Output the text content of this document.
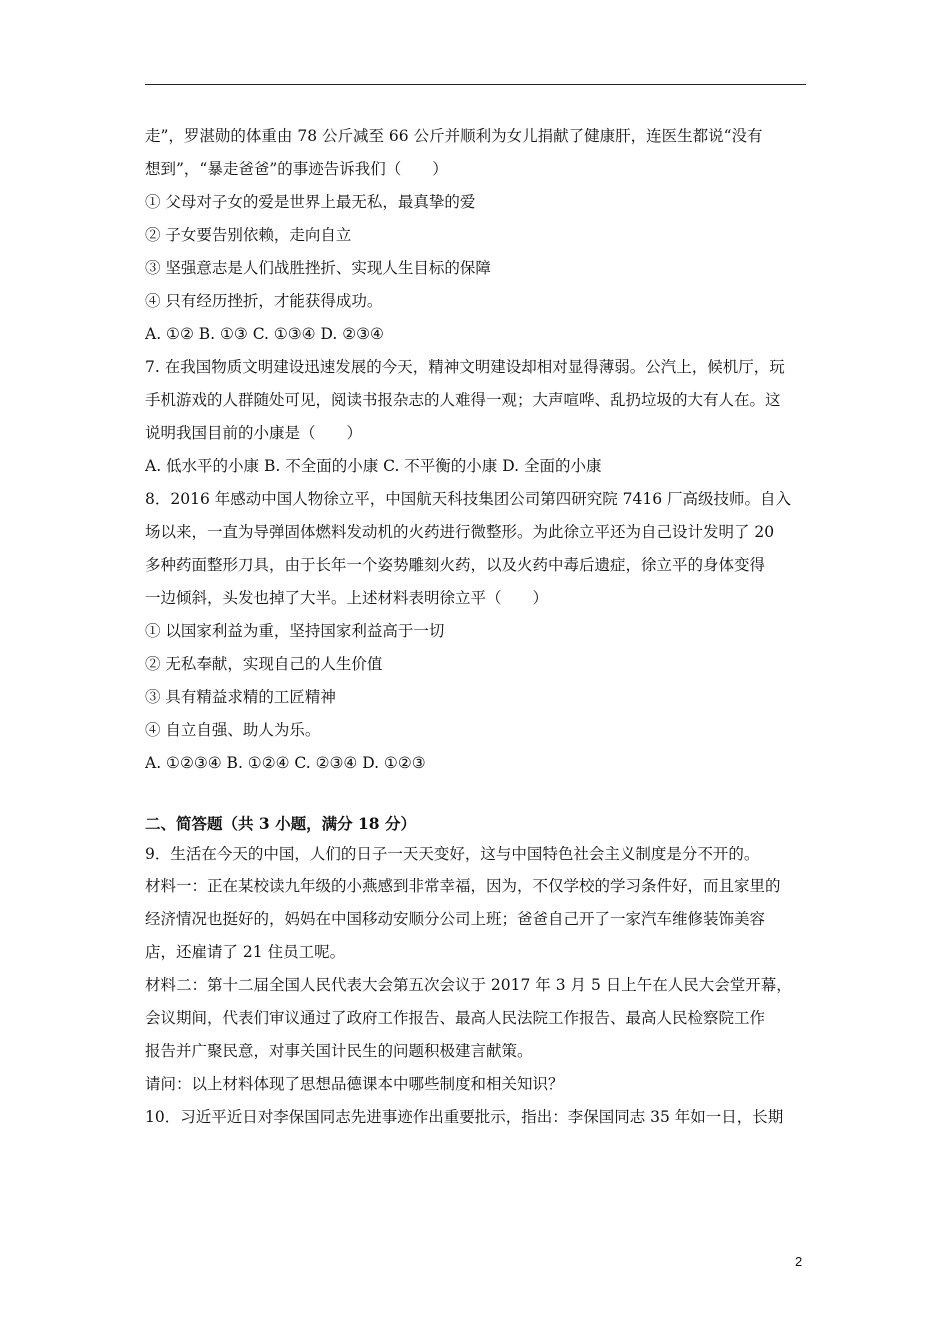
走”，罗湛勋的体重由 78 公斤减至 66 公斤并顺利为女儿捐献了健康肝，连医生都说“没有
想到”，“暴走爸爸”的事迹告诉我们（　　）
① 父母对子女的爱是世界上最无私，最真挚的爱
② 子女要告别依赖，走向自立
③ 坚强意志是人们战胜挫折、实现人生目标的保障
④ 只有经历挫折，才能获得成功。
A. ①② B. ①③ C. ①③④ D. ②③④
7. 在我国物质文明建设迅速发展的今天，精神文明建设却相对显得薄弱。公汽上，候机厅，玩
手机游戏的人群随处可见，阅读书报杂志的人难得一观；大声喧哗、乱扔垃圾的大有人在。这
说明我国目前的小康是（　　）
A. 低水平的小康 B. 不全面的小康 C. 不平衡的小康 D. 全面的小康
8．2016 年感动中国人物徐立平，中国航天科技集团公司第四研究院 7416 厂高级技师。自入
场以来，一直为导弹固体燃料发动机的火药进行微整形。为此徐立平还为自己设计发明了 20
多种药面整形刀具，由于长年一个姿势雕刻火药，以及火药中毒后遗症，徐立平的身体变得
一边倾斜，头发也掉了大半。上述材料表明徐立平（　　）
① 以国家利益为重，坚持国家利益高于一切
② 无私奉献，实现自己的人生价值
③ 具有精益求精的工匠精神
④ 自立自强、助人为乐。
A. ①②③④ B. ①②④ C. ②③④ D. ①②③
二、简答题（共 3 小题，满分 18 分）
9．生活在今天的中国，人们的日子一天天变好，这与中国特色社会主义制度是分不开的。
材料一：正在某校读九年级的小燕感到非常幸福，因为，不仅学校的学习条件好，而且家里的
经济情况也挺好的，妈妈在中国移动安顺分公司上班；爸爸自己开了一家汽车维修装饰美容
店，还雇请了 21 住员工呢。
材料二：第十二届全国人民代表大会第五次会议于 2017 年 3 月 5 日上午在人民大会堂开幕，
会议期间，代表们审议通过了政府工作报告、最高人民法院工作报告、最高人民检察院工作
报告并广聚民意，对事关国计民生的问题积极建言献策。
请问：以上材料体现了思想品德课本中哪些制度和相关知识？
10．习近平近日对李保国同志先进事迹作出重要批示，指出：李保国同志 35 年如一日，长期
2
